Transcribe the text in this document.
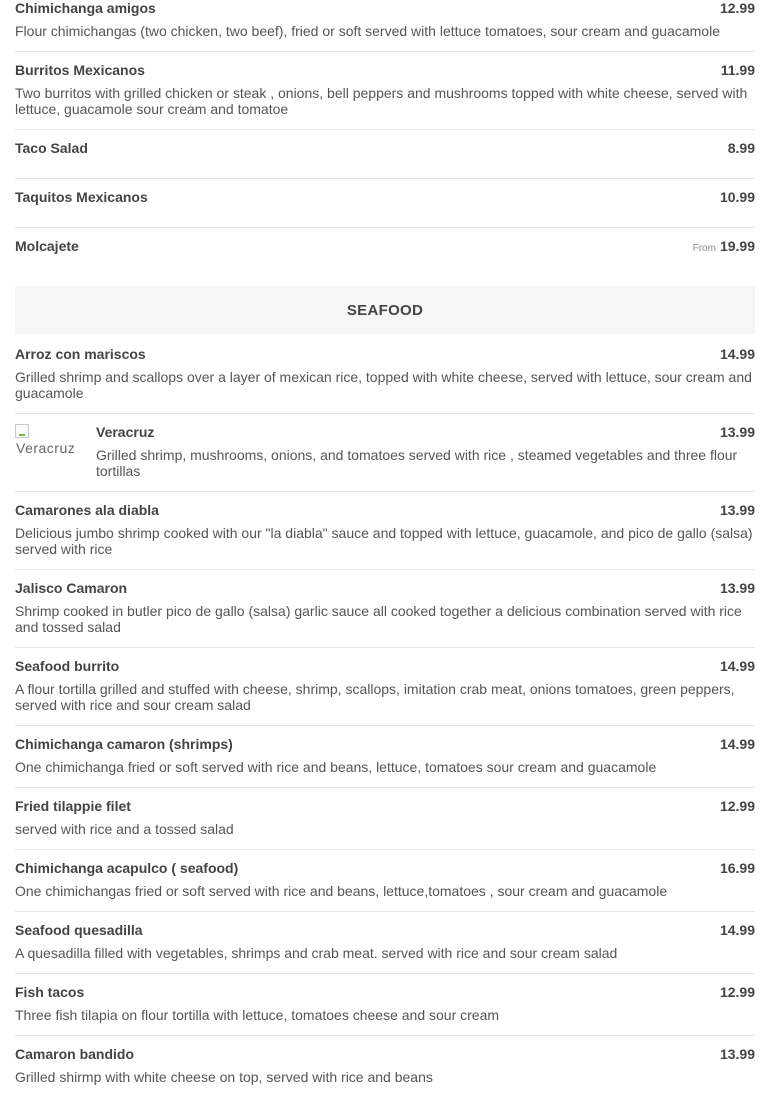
Chimichanga amigos	12.99
Flour chimichangas (two chicken, two beef), fried or soft served with lettuce tomatoes, sour cream and guacamole
Burritos Mexicanos	11.99
Two burritos with grilled chicken or steak , onions, bell peppers and mushrooms topped with white cheese, served with lettuce, guacamole sour cream and tomatoe
Taco Salad	8.99
Taquitos Mexicanos	10.99
Molcajete	From 19.99
SEAFOOD
Arroz con mariscos	14.99
Grilled shrimp and scallops over a layer of mexican rice, topped with white cheese, served with lettuce, sour cream and guacamole
Veracruz
Veracruz	13.99
Grilled shrimp, mushrooms, onions, and tomatoes served with rice , steamed vegetables and three flour tortillas
Camarones ala diabla	13.99
Delicious jumbo shrimp cooked with our "la diabla" sauce and topped with lettuce, guacamole, and pico de gallo (salsa) served with rice
Jalisco Camaron	13.99
Shrimp cooked in butler pico de gallo (salsa) garlic sauce all cooked together a delicious combination served with rice and tossed salad
Seafood burrito	14.99
A flour tortilla grilled and stuffed with cheese, shrimp, scallops, imitation crab meat, onions tomatoes, green peppers, served with rice and sour cream salad
Chimichanga camaron (shrimps)	14.99
One chimichanga fried or soft served with rice and beans, lettuce, tomatoes sour cream and guacamole
Fried tilappie filet	12.99
served with rice and a tossed salad
Chimichanga acapulco ( seafood)	16.99
One chimichangas fried or soft served with rice and beans, lettuce,tomatoes , sour cream and guacamole
Seafood quesadilla	14.99
A quesadilla filled with vegetables, shrimps and crab meat. served with rice and sour cream salad
Fish tacos	12.99
Three fish tilapia on flour tortilla with lettuce, tomatoes cheese and sour cream
Camaron bandido	13.99
Grilled shirmp with white cheese on top, served with rice and beans
